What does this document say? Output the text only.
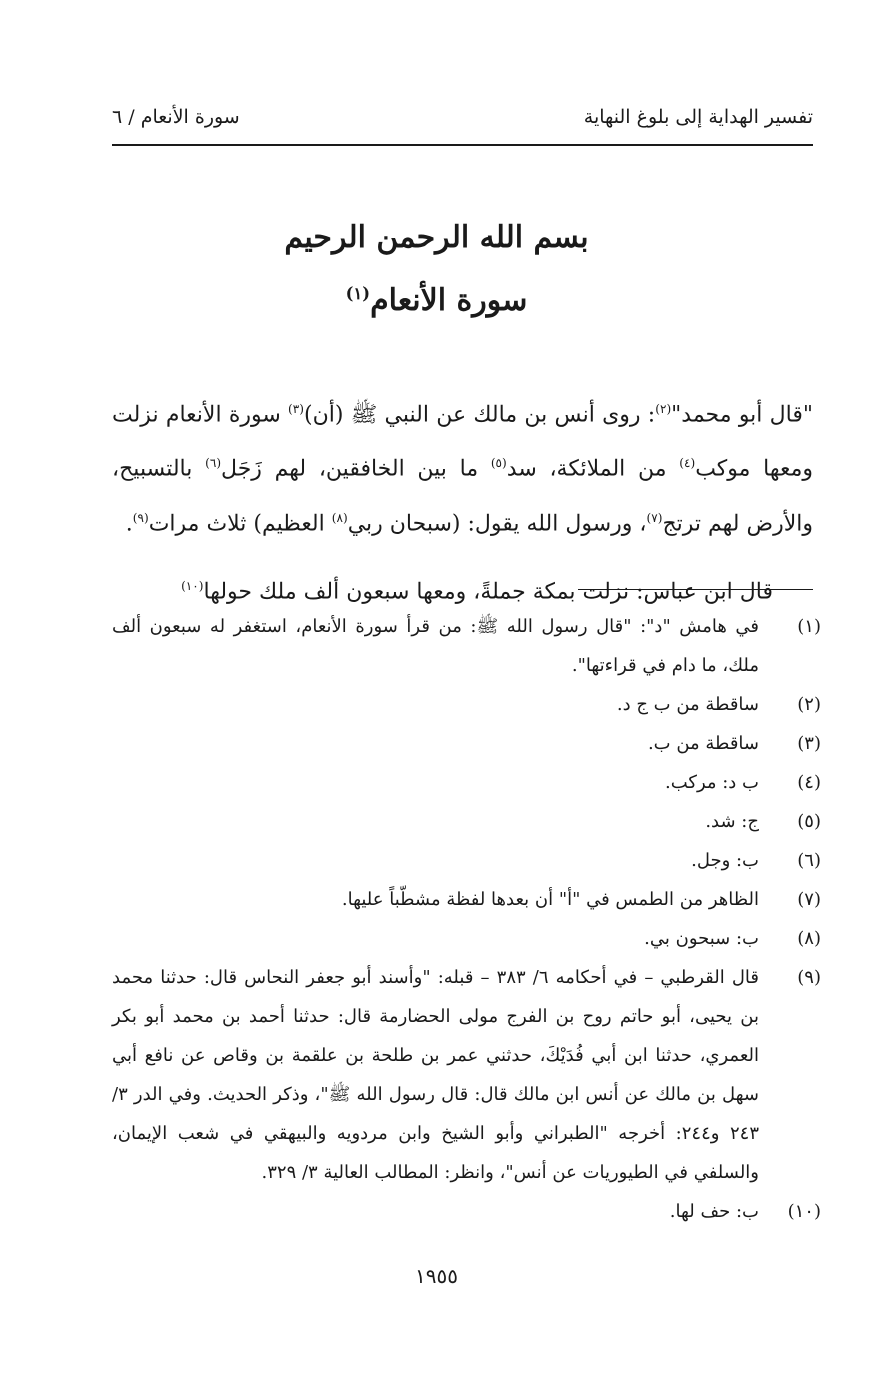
تفسير الهداية إلى بلوغ النهاية
سورة الأنعام / ٦
بسم الله الرحمن الرحيم
سورة الأنعام$^{(١)}$

"قال أبو محمد"$^{(٢)}$: روى أنس بن مالك عن النبي ﷺ (أن)$^{(٣)}$ سورة الأنعام نزلت ومعها موكب$^{(٤)}$ من الملائكة، سد$^{(٥)}$ ما بين الخافقين، لهم زَجَل$^{(٦)}$ بالتسبيح، والأرض لهم ترتج$^{(٧)}$، ورسول الله يقول: (سبحان ربي$^{(٨)}$ العظيم) ثلاث مرات$^{(٩)}$.

قال ابن عباس: نزلت بمكة جملةً، ومعها سبعون ألف ملك حولها$^{(١٠)}$

(١)
في هامش "د": "قال رسول الله ﷺ: من قرأ سورة الأنعام، استغفر له سبعون ألف ملك، ما دام في قراءتها".
(٢)
ساقطة من ب ج د.
(٣)
ساقطة من ب.
(٤)
ب د: مركب.
(٥)
ج: شد.
(٦)
ب: وجل.
(٧)
الظاهر من الطمس في "أ" أن بعدها لفظة مشطّباً عليها.
(٨)
ب: سبحون بي.
(٩)
قال القرطبي – في أحكامه ٦/ ٣٨٣ – قبله: "وأسند أبو جعفر النحاس قال: حدثنا محمد بن يحيى، أبو حاتم روح بن الفرج مولى الحضارمة قال: حدثنا أحمد بن محمد أبو بكر العمري، حدثنا ابن أبي فُدَيْكَ، حدثني عمر بن طلحة بن علقمة بن وقاص عن نافع أبي سهل بن مالك عن أنس ابن مالك قال: قال رسول الله ﷺ"، وذكر الحديث. وفي الدر ٣/ ٢٤٣ و٢٤٤: أخرجه "الطبراني وأبو الشيخ وابن مردويه والبيهقي في شعب الإيمان، والسلفي في الطيوريات عن أنس"، وانظر: المطالب العالية ٣/ ٣٢٩.
(١٠)
ب: حف لها.
١٩٥٥
